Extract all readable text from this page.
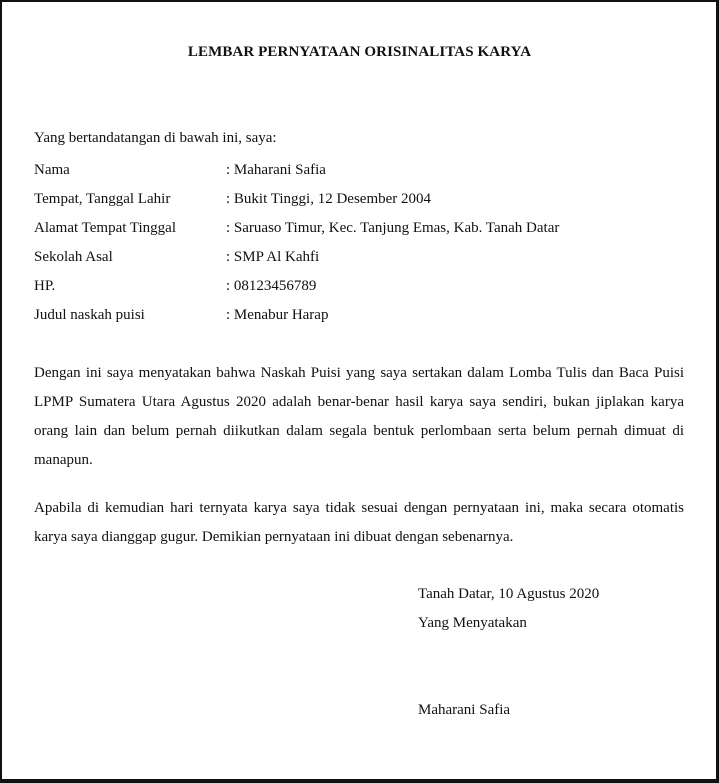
LEMBAR PERNYATAAN ORISINALITAS KARYA
Yang bertandatangan di bawah ini, saya:
Nama	: Maharani Safia
Tempat, Tanggal Lahir	: Bukit Tinggi, 12 Desember 2004
Alamat Tempat Tinggal	: Saruaso Timur, Kec. Tanjung Emas, Kab. Tanah Datar
Sekolah Asal	: SMP Al Kahfi
HP.	: 08123456789
Judul naskah puisi	: Menabur Harap

Dengan ini saya menyatakan bahwa Naskah Puisi yang saya sertakan dalam Lomba Tulis dan Baca Puisi LPMP Sumatera Utara Agustus 2020 adalah benar-benar hasil karya saya sendiri, bukan jiplakan karya orang lain dan belum pernah diikutkan dalam segala bentuk perlombaan serta belum pernah dimuat di manapun.

Apabila di kemudian hari ternyata karya saya tidak sesuai dengan pernyataan ini, maka secara otomatis karya saya dianggap gugur. Demikian pernyataan ini dibuat dengan sebenarnya.

Tanah Datar, 10 Agustus 2020
Yang Menyatakan
Maharani Safia
